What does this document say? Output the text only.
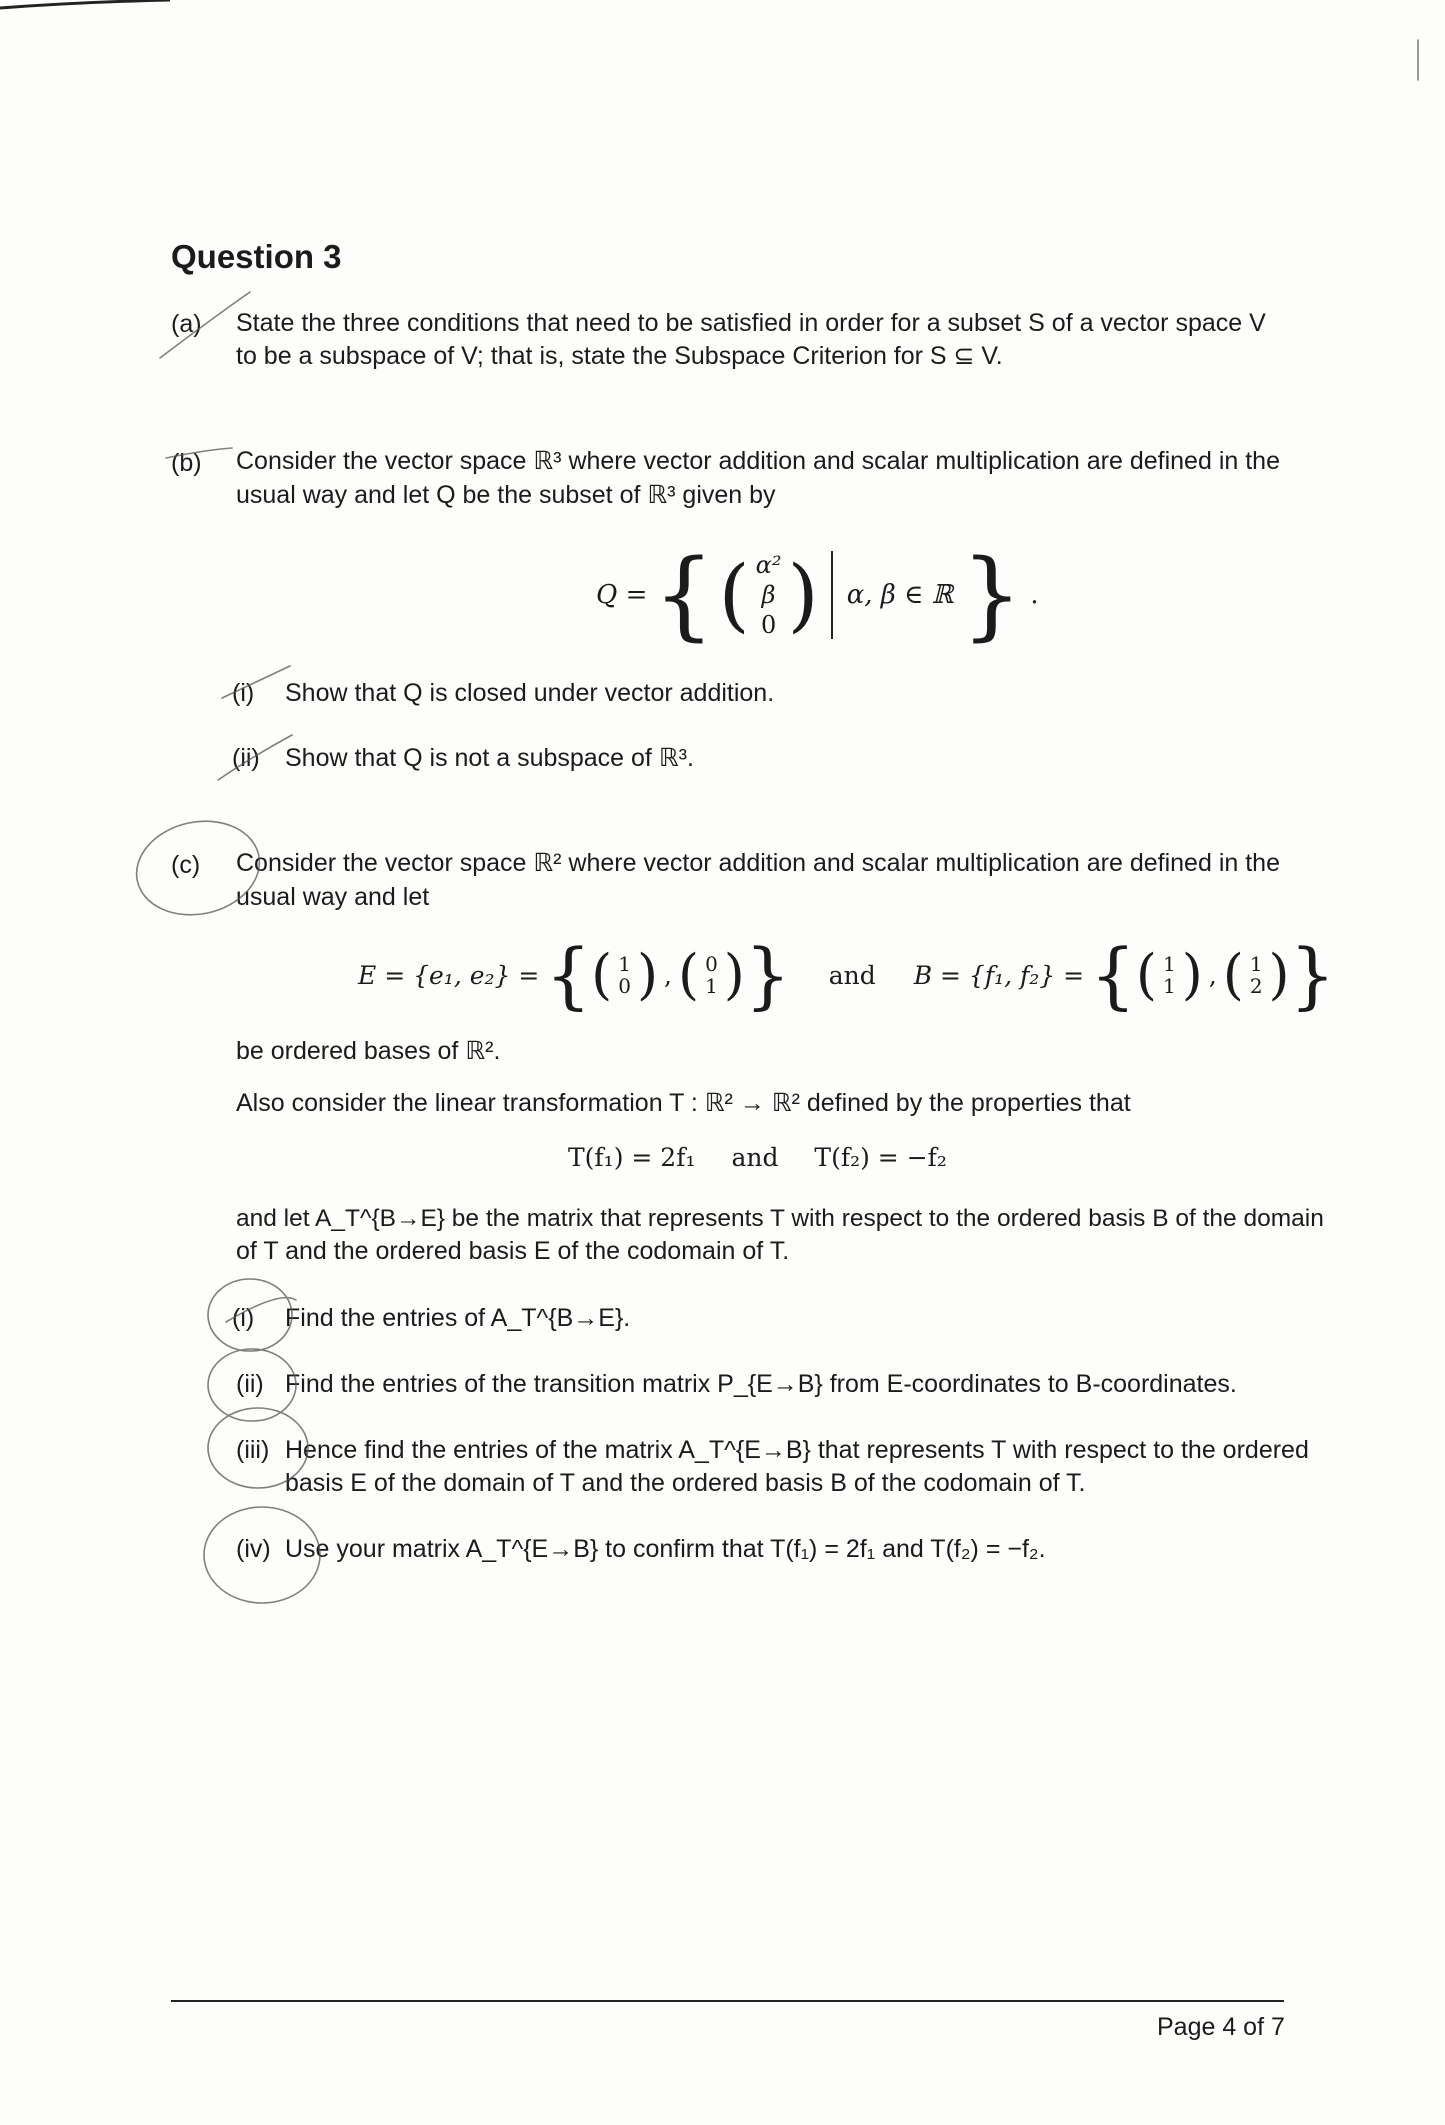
Question 3
(a) State the three conditions that need to be satisfied in order for a subset S of a vector space V
to be a subspace of V; that is, state the Subspace Criterion for S ⊆ V.
(b) Consider the vector space ℝ³ where vector addition and scalar multiplication are defined in the
usual way and let Q be the subset of ℝ³ given by
Q = { ( α²
β
0 ) α, β ∈ ℝ } .
(i) Show that Q is closed under vector addition.
(ii) Show that Q is not a subspace of ℝ³.
(c) Consider the vector space ℝ² where vector addition and scalar multiplication are defined in the
usual way and let
E = {e₁, e₂} = { ( 1
0 ) , ( 0
1 ) } and B = {f₁, f₂} = { ( 1
1 ) , ( 1
2 ) }
be ordered bases of ℝ².
Also consider the linear transformation T : ℝ² → ℝ² defined by the properties that
T(f₁) = 2f₁ and T(f₂) = −f₂
and let A_T^{B→E} be the matrix that represents T with respect to the ordered basis B of the domain
of T and the ordered basis E of the codomain of T.
(i) Find the entries of A_T^{B→E}.
(ii) Find the entries of the transition matrix P_{E→B} from E-coordinates to B-coordinates.
(iii) Hence find the entries of the matrix A_T^{E→B} that represents T with respect to the ordered
basis E of the domain of T and the ordered basis B of the codomain of T.
(iv) Use your matrix A_T^{E→B} to confirm that T(f₁) = 2f₁ and T(f₂) = −f₂.
Page 4 of 7
